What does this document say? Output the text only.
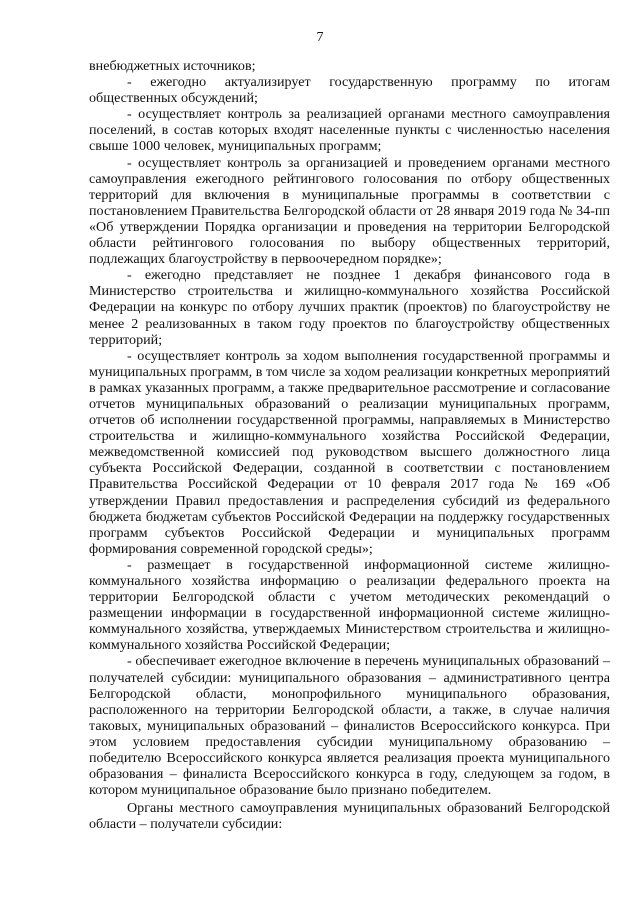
7

внебюджетных источников;

- ежегодно актуализирует государственную программу по итогам общественных обсуждений;

- осуществляет контроль за реализацией органами местного самоуправления поселений, в состав которых входят населенные пункты с численностью населения свыше 1000 человек, муниципальных программ;

- осуществляет контроль за организацией и проведением органами местного самоуправления ежегодного рейтингового голосования по отбору общественных территорий для включения в муниципальные программы в соответствии с постановлением Правительства Белгородской области от 28 января 2019 года № 34-пп «Об утверждении Порядка организации и проведения на территории Белгородской области рейтингового голосования по выбору общественных территорий, подлежащих благоустройству в первоочередном порядке»;

- ежегодно представляет не позднее 1 декабря финансового года в Министерство строительства и жилищно-коммунального хозяйства Российской Федерации на конкурс по отбору лучших практик (проектов) по благоустройству не менее 2 реализованных в таком году проектов по благоустройству общественных территорий;

- осуществляет контроль за ходом выполнения государственной программы и муниципальных программ, в том числе за ходом реализации конкретных мероприятий в рамках указанных программ, а также предварительное рассмотрение и согласование отчетов муниципальных образований о реализации муниципальных программ, отчетов об исполнении государственной программы, направляемых в Министерство строительства и жилищно-коммунального хозяйства Российской Федерации, межведомственной комиссией под руководством высшего должностного лица субъекта Российской Федерации, созданной в соответствии с постановлением Правительства Российской Федерации от 10 февраля 2017 года № 169 «Об утверждении Правил предоставления и распределения субсидий из федерального бюджета бюджетам субъектов Российской Федерации на поддержку государственных программ субъектов Российской Федерации и муниципальных программ формирования современной городской среды»;

- размещает в государственной информационной системе жилищно-коммунального хозяйства информацию о реализации федерального проекта на территории Белгородской области с учетом методических рекомендаций о размещении информации в государственной информационной системе жилищно-коммунального хозяйства, утверждаемых Министерством строительства и жилищно-коммунального хозяйства Российской Федерации;

- обеспечивает ежегодное включение в перечень муниципальных образований – получателей субсидии: муниципального образования – административного центра Белгородской области, монопрофильного муниципального образования, расположенного на территории Белгородской области, а также, в случае наличия таковых, муниципальных образований – финалистов Всероссийского конкурса. При этом условием предоставления субсидии муниципальному образованию – победителю Всероссийского конкурса является реализация проекта муниципального образования – финалиста Всероссийского конкурса в году, следующем за годом, в котором муниципальное образование было признано победителем.

Органы местного самоуправления муниципальных образований Белгородской области – получатели субсидии:
